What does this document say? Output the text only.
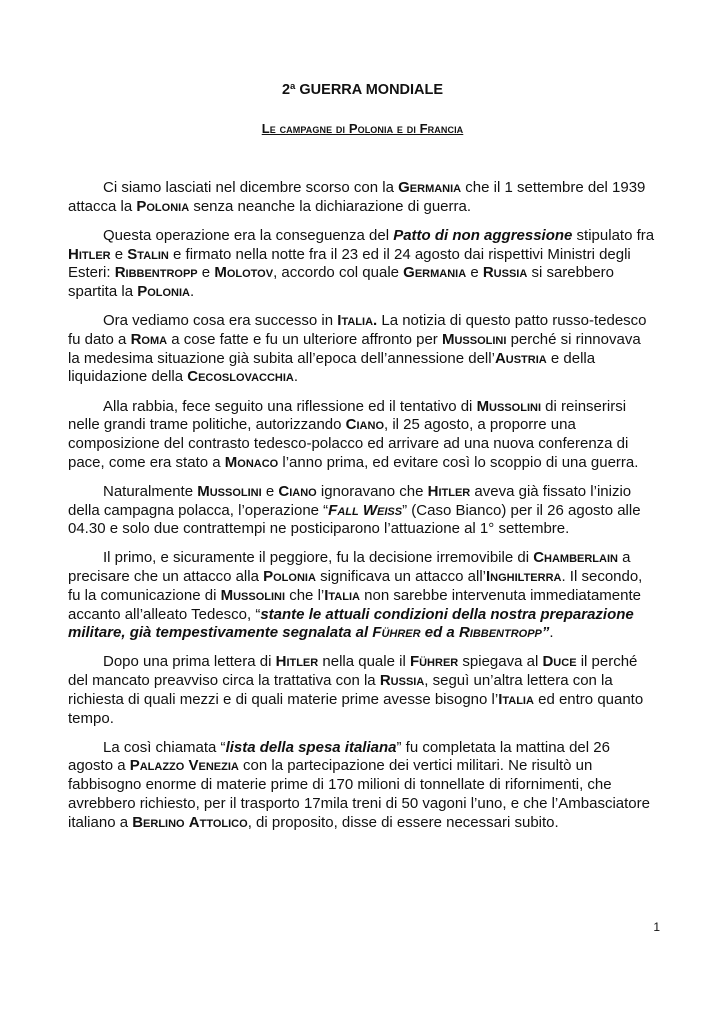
2ª GUERRA MONDIALE
Le campagne di Polonia e di Francia

Ci siamo lasciati nel dicembre scorso con la Germania che il 1 settembre del 1939 attacca la Polonia senza neanche la dichiarazione di guerra.

Questa operazione era la conseguenza del Patto di non aggressione stipulato fra Hitler e Stalin e firmato nella notte fra il 23 ed il 24 agosto dai rispettivi Ministri degli Esteri: Ribbentropp e Molotov, accordo col quale Germania e Russia si sarebbero spartita la Polonia.

Ora vediamo cosa era successo in Italia. La notizia di questo patto russo-tedesco fu dato a Roma a cose fatte e fu un ulteriore affronto per Mussolini perché si rinnovava la medesima situazione già subita all’epoca dell’annessione dell’Austria e della liquidazione della Cecoslovacchia.

Alla rabbia, fece seguito una riflessione ed il tentativo di Mussolini di reinserirsi nelle grandi trame politiche, autorizzando Ciano, il 25 agosto, a proporre una composizione del contrasto tedesco-polacco ed arrivare ad una nuova conferenza di pace, come era stato a Monaco l’anno prima, ed evitare così lo scoppio di una guerra.

Naturalmente Mussolini e Ciano ignoravano che Hitler aveva già fissato l’inizio della campagna polacca, l’operazione “Fall Weiss” (Caso Bianco) per il 26 agosto alle 04.30 e solo due contrattempi ne posticiparono l’attuazione al 1° settembre.

Il primo, e sicuramente il peggiore, fu la decisione irremovibile di Chamberlain a precisare che un attacco alla Polonia significava un attacco all’Inghilterra. Il secondo, fu la comunicazione di Mussolini che l’Italia non sarebbe intervenuta immediatamente accanto all’alleato Tedesco, “stante le attuali condizioni della nostra preparazione militare, già tempestivamente segnalata al Führer ed a Ribbentropp”.

Dopo una prima lettera di Hitler nella quale il Führer spiegava al Duce il perché del mancato preavviso circa la trattativa con la Russia, seguì un’altra lettera con la richiesta di quali mezzi e di quali materie prime avesse bisogno l’Italia ed entro quanto tempo.

La così chiamata “lista della spesa italiana” fu completata la mattina del 26 agosto a Palazzo Venezia con la partecipazione dei vertici militari. Ne risultò un fabbisogno enorme di materie prime di 170 milioni di tonnellate di rifornimenti, che avrebbero richiesto, per il trasporto 17mila treni di 50 vagoni l’uno, e che l’Ambasciatore italiano a Berlino Attolico, di proposito, disse di essere necessari subito.

1
